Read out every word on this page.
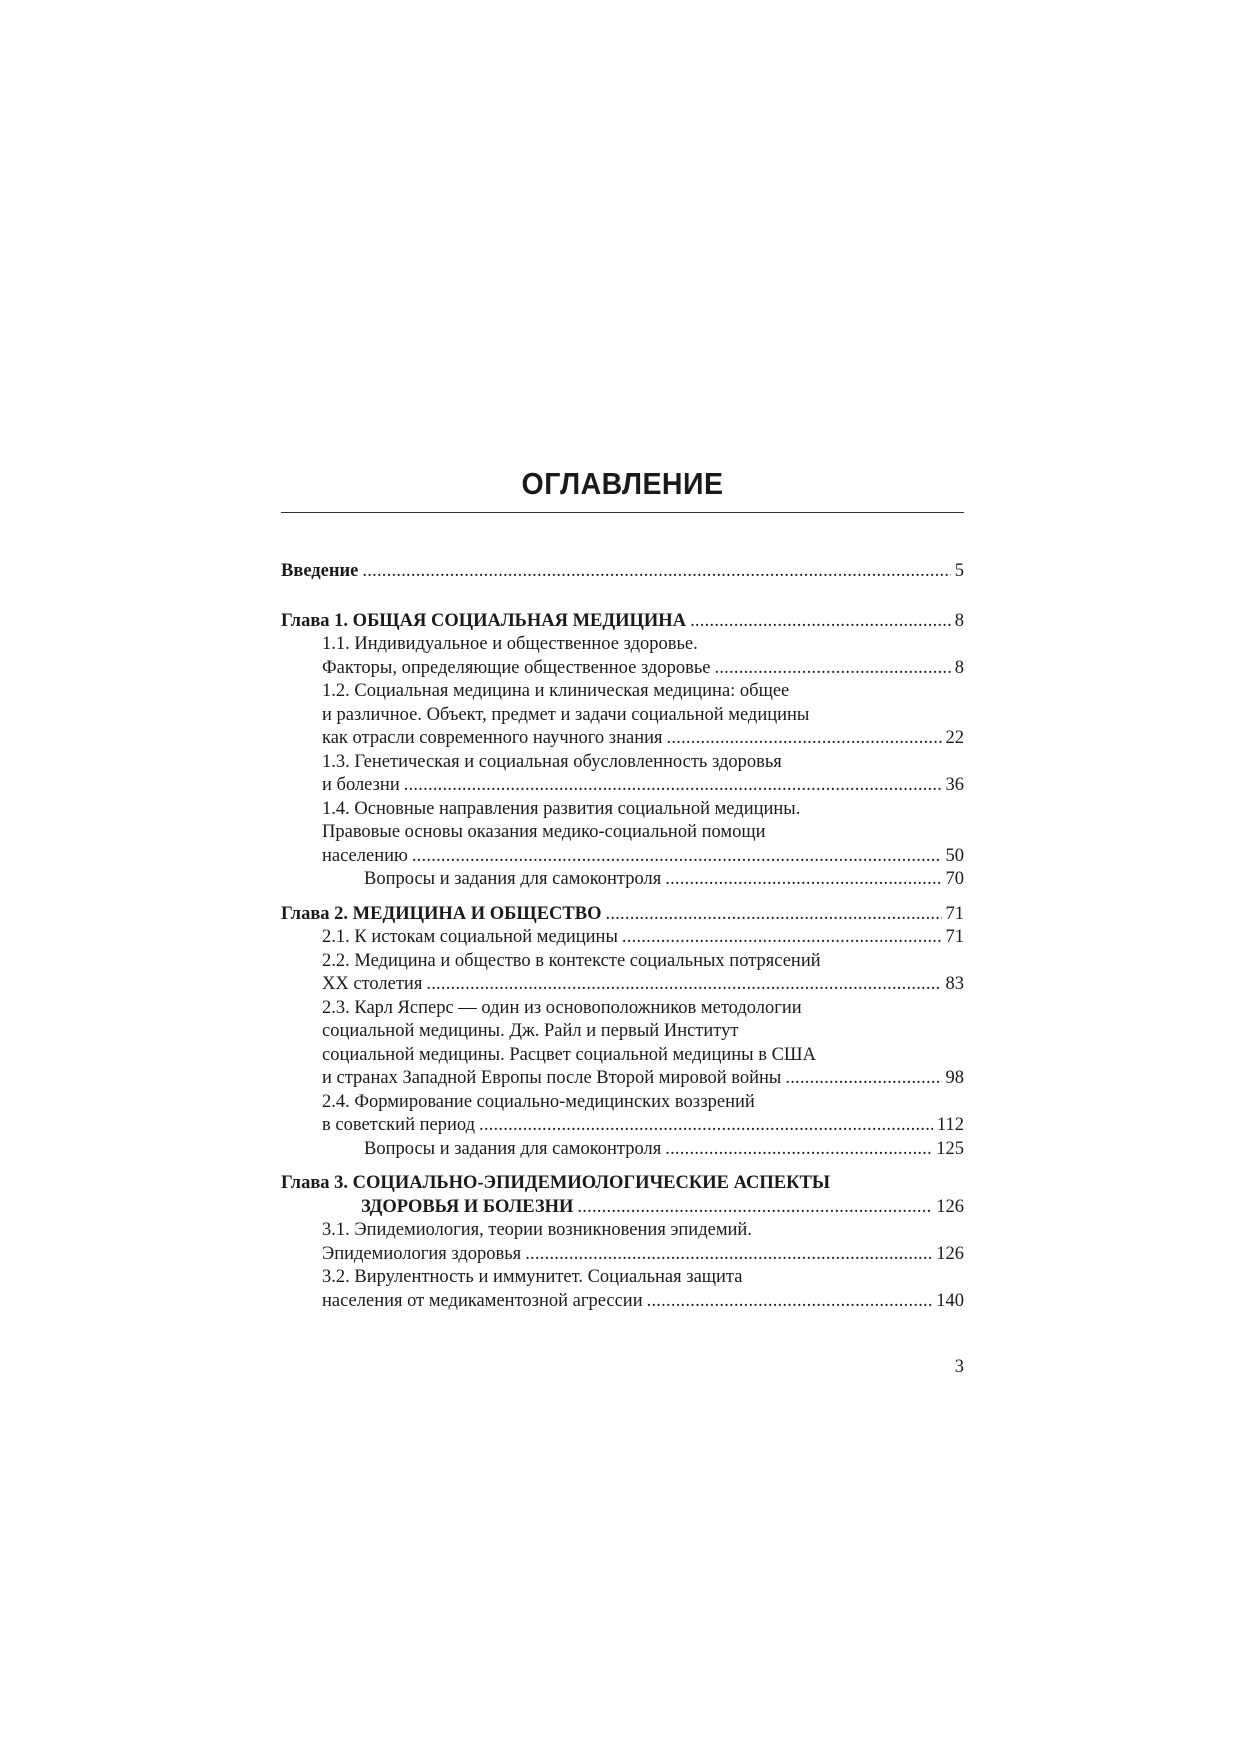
ОГЛАВЛЕНИЕ
Введение . . .	5
Глава 1. ОБЩАЯ СОЦИАЛЬНАЯ МЕДИЦИНА . . .	8
1.1. Индивидуальное и общественное здоровье.
Факторы, определяющие общественное здоровье . . .	8
1.2. Социальная медицина и клиническая медицина: общее
и различное. Объект, предмет и задачи социальной медицины
как отрасли современного научного знания . . .	22
1.3. Генетическая и социальная обусловленность здоровья
и болезни . . .	36
1.4. Основные направления развития социальной медицины.
Правовые основы оказания медико-социальной помощи
населению . . .	50
Вопросы и задания для самоконтроля . . .	70
Глава 2. МЕДИЦИНА И ОБЩЕСТВО . . .	71
2.1. К истокам социальной медицины . . .	71
2.2. Медицина и общество в контексте социальных потрясений
XX столетия . . .	83
2.3. Карл Ясперс — один из основоположников методологии
социальной медицины. Дж. Райл и первый Институт
социальной медицины. Расцвет социальной медицины в США
и странах Западной Европы после Второй мировой войны . . .	98
2.4. Формирование социально-медицинских воззрений
в советский период . . .	112
Вопросы и задания для самоконтроля . . .	125
Глава 3. СОЦИАЛЬНО-ЭПИДЕМИОЛОГИЧЕСКИЕ АСПЕКТЫ
ЗДОРОВЬЯ И БОЛЕЗНИ . . .	126
3.1. Эпидемиология, теории возникновения эпидемий.
Эпидемиология здоровья . . .	126
3.2. Вирулентность и иммунитет. Социальная защита
населения от медикаментозной агрессии . . .	140
3
